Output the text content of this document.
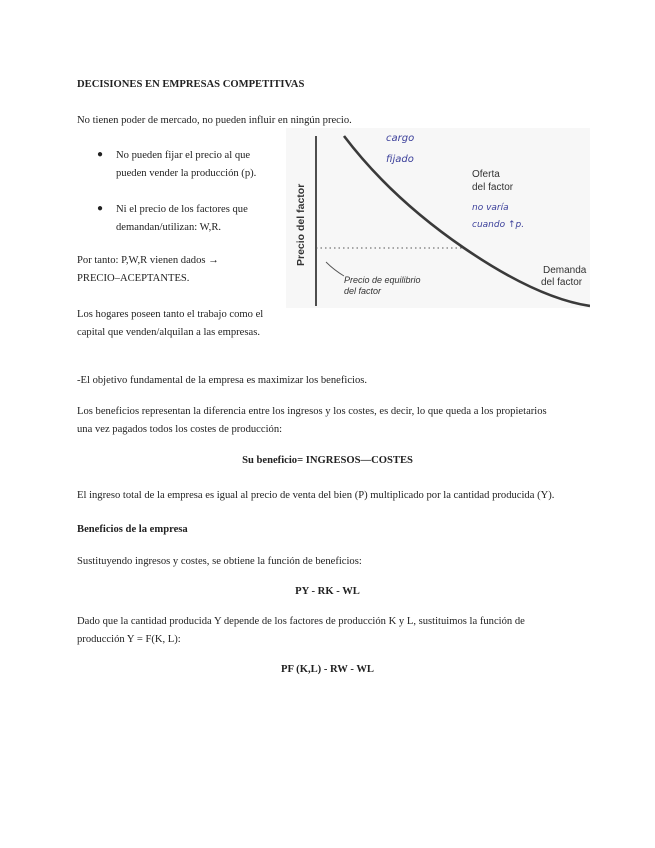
DECISIONES EN EMPRESAS COMPETITIVAS
No tienen poder de mercado, no pueden influir en ningún precio.
● No pueden fijar el precio al que
pueden vender la producción (p).
● Ni el precio de los factores que
demandan/utilizan: W,R.
Por tanto: P,W,R vienen dados →
PRECIO–ACEPTANTES.
Los hogares poseen tanto el trabajo como el
capital que venden/alquilan a las empresas.
Precio del factor
Oferta
del factor
Demanda
del factor
Precio de equilibrio
del factor
cargo
fijado
no varía
cuando ↑p.
-El objetivo fundamental de la empresa es maximizar los beneficios.
Los beneficios representan la diferencia entre los ingresos y los costes, es decir, lo que queda a los propietarios
una vez pagados todos los costes de producción:
Su beneficio= INGRESOS—COSTES
El ingreso total de la empresa es igual al precio de venta del bien (P) multiplicado por la cantidad producida (Y).
Beneficios de la empresa
Sustituyendo ingresos y costes, se obtiene la función de beneficios:
PY - RK - WL
Dado que la cantidad producida Y depende de los factores de producción K y L, sustituimos la función de
producción Y = F(K, L):
PF (K,L) - RW - WL
